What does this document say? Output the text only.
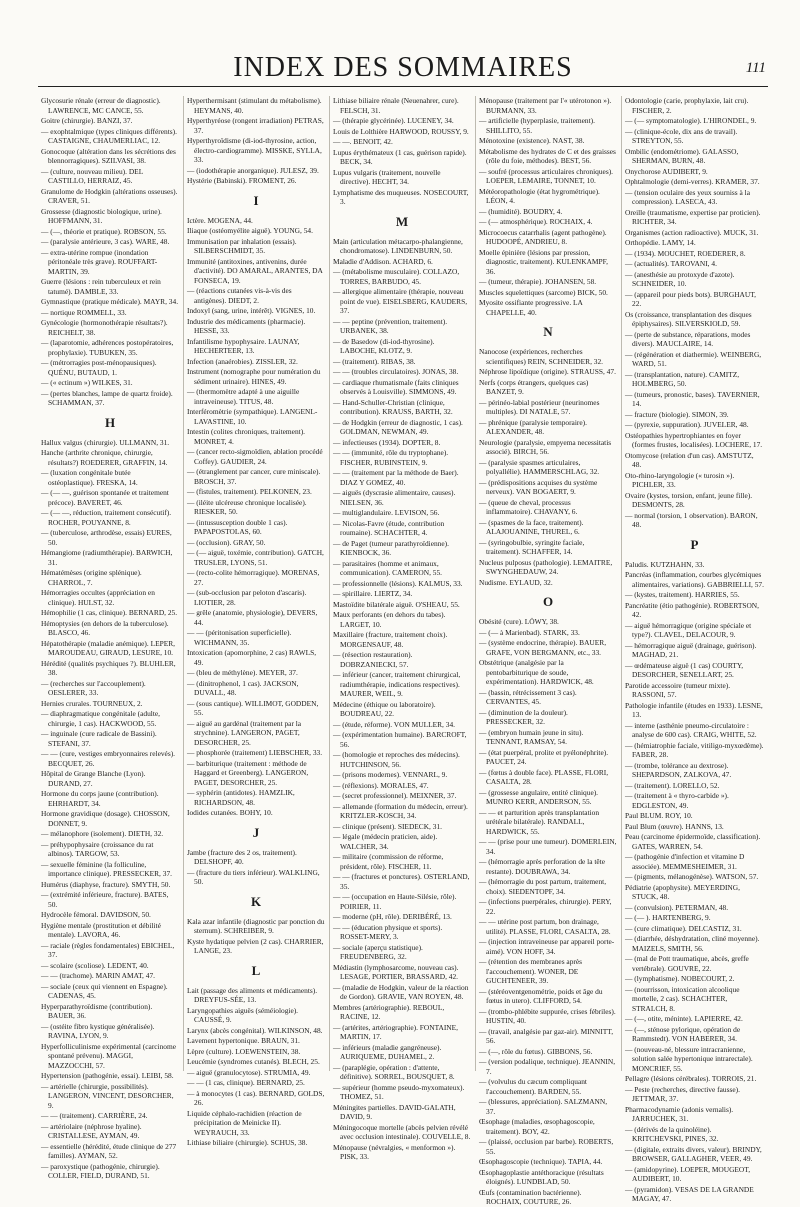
INDEX DES SOMMAIRES	111
Glycosurie rénale (erreur de diagnostic). LAWRENCE, MC CANCE, 55.
Goitre (chirurgie). BANZI, 37.
— exophtalmique (types cliniques différents). CASTAIGNE, CHAUMERLIAC, 12.
Gonocoque (altération dans les sécrétions des blennorragiques). SZILVASI, 38.
— (culture, nouveau milieu). DEL CASTILLO, HERRAIZ, 45.
Granulome de Hodgkin (altérations osseuses). CRAVER, 51.
Grossesse (diagnostic biologique, urine). HOFFMANN, 31.
— (—, théorie et pratique). ROBSON, 55.
— (paralysie antérieure, 3 cas). WARE, 48.
— extra-utérine rompue (inondation péritonéale très grave). ROUFFART-MARTIN, 39.
Guerre (lésions : rein tuberculeux et rein tatumé). DAMBLE, 33.
Gymnastique (pratique médicale). MAYR, 34.
— nortique ROMMELL, 33.
Gynécologie (hormonothérapie résultats?). REICHELT, 38.
— (laparotomie, adhérences postopératoires, prophylaxie). TUBUKEN, 35.
— (métrorragies post-ménopausiques). QUÉNU, BUTAUD, 1.
— (« ectinum ») WILKES, 31.
— (pertes blanches, lampe de quartz froide). SCHAMMAN, 37.
H
Hallux valgus (chirurgie). ULLMANN, 31.
Hanche (arthrite chronique, chirurgie, résultats?) ROEDERER, GRAFFIN, 14.
— (luxation congénitale butée ostéoplastique). FRESKA, 14.
— (— —, guérison spontanée et traitement précoce). BAVERET, 46.
— (— —, réduction, traitement consécutif). ROCHER, POUYANNE, 8.
— (tuberculose, arthrodèse, essais) EURES, 50.
Hémangiome (radiumthérapie). BARWICH, 31.
Hématémèses (origine splénique). CHARROL, 7.
Hémorragies occultes (appréciation en clinique). HULST, 32.
Hémophilie (1 cas, clinique). BERNARD, 25.
Hémoptysies (en dehors de la tuberculose). BLASCO, 46.
Hépatothérapie (maladie anémique). LEPER, MAROUDEAU, GIRAUD, LESURE, 10.
Hérédité (qualités psychiques ?). BLUHLER, 38.
— (recherches sur l'accouplement). OESLERER, 33.
Hernies crurales. TOURNEUX, 2.
— diaphragmatique congénitale (adulte, chirurgie, 1 cas). HACKWOOD, 55.
— inguinale (cure radicale de Bassini). STEFANI, 37.
— — (cure, vestiges embryonnaires relevés). BECQUET, 26.
Hôpital de Grange Blanche (Lyon). DURAND, 27.
Hormone du corps jaune (contribution). EHRHARDT, 34.
Hormone gravidique (dosage). CHOSSON, DONNET, 9.
— mélanophore (isolement). DIETH, 32.
— préhypophysaire (croissance du rat albinos). TARGOW, 53.
— sexuelle féminine (la folliculine, importance clinique). PRESSECKER, 37.
Humérus (diaphyse, fracture). SMYTH, 50.
— (extrémité inférieure, fracture). BATES, 50.
Hydrocèle fémoral. DAVIDSON, 50.
Hygiène mentale (prostitution et débilité mentale). LAVORA, 46.
— raciale (règles fondamentales) EBICHEL, 37.
— scolaire (scoliose). LEDENT, 40.
— — (trachome). MARIN AMAT, 47.
— sociale (ceux qui viennent en Espagne). CADENAS, 45.
Hyperparathyroïdisme (contribution). BAUER, 36.
— (ostéite fibro kystique généralisée). RAVINA, LYON, 9.
Hyperfolliculinisme expérimental (carcinome spontané prévenu). MAGGI, MAZZOCCHI, 57.
Hypertension (pathogénie, essai). LEIBI, 58.
— artérielle (chirurgie, possibilités). LANGERON, VINCENT, DESORCHER, 9.
— — (traitement). CARRIÈRE, 24.
— artériolaire (néphrose hyaline). CRISTALLESE, AYMAN, 49.
— essentielle (hérédité, étude clinique de 277 familles). AYMAN, 52.
— paroxystique (pathogénie, chirurgie). COLLER, FIELD, DURAND, 51.
Hyperthermisant (stimulant du métabolisme). HEYMANS, 40.
Hyperthyréose (rongent irradiation) PETRAS, 37.
Hyperthyroïdisme (di-iod-thyrosine, action, électro-cardiogramme). MISSKE, SYLLA, 33.
— (iodothérapie anorganique). JULESZ, 39.
Hystérie (Babinski). FROMENT, 26.
I
Ictère. MOGENA, 44.
Iliaque (ostéomyélite aiguë). YOUNG, 54.
Immunisation par inhalation (essais). SILBERSCHMIDT, 35.
Immunité (antitoxines, antivenins, durée d'activité). DO AMARAL, ARANTES, DA FONSECA, 19.
— (réactions cutanées vis-à-vis des antigènes). DIEDT, 2.
Indoxyl (sang, urine, intérêt). VIGNES, 10.
Industrie des médicaments (pharmacie). HESSE, 33.
Infantilisme hypophysaire. LAUNAY, HECHERTEER, 13.
Infection (anaérobies). ZISSLER, 32.
Instrument (nomographe pour numération du sédiment urinaire). HINES, 49.
— (thermomètre adapté à une aiguille intraveineuse). TITUS, 48.
Interféromètrie (sympathique). LANGENL-LAVASTINE, 10.
Intestin (colites chroniques, traitement). MONRET, 4.
— (cancer recto-sigmoïdien, ablation procédé Coffey). GAUDIER, 24.
— (étranglement par cancer, cure miniscale). BROSCH, 37.
— (fistules, traitement). PELKONEN, 23.
— (iléite ulcéreuse chronique localisée). RIESKER, 50.
— (intussusception double 1 cas). PAPAPOSTOLAS, 60.
— (occlusion). GRAY, 50.
— (— aiguë, toxémie, contribution). GATCH, TRUSLER, LYONS, 51.
— (recto-colite hémorragique). MORENAS, 27.
— (sub-occlusion par peloton d'ascaris). LIOTIER, 28.
— grêle (anatomie, physiologie), DEVERS, 44.
— — (péritonisation superficielle). WICHMANN, 35.
Intoxication (apomorphine, 2 cas) RAWLS, 49.
— (bleu de méthylène). MEYER, 37.
— (dinitrophenol, 1 cas). JACKSON, DUVALL, 48.
— (sous cantique). WILLIMOT, GODDEN, 55.
— aiguë au gardénal (traitement par la strychnine). LANGERON, PAGET, DESORCHER, 25.
— phosphorée (traitement) LIEBSCHER, 33.
— barbiturique (traitement : méthode de Haggard et Greenberg). LANGERON, PAGET, DESORCHER, 25.
— syphérin (antidotes). HAMZLIK, RICHARDSON, 48.
Iodides cutanées. BOHY, 10.
J
Jambe (fracture des 2 os, traitement). DELSHOPF, 40.
— (fracture du tiers inférieur). WALKLING, 50.
K
Kala azar infantile (diagnostic par ponction du sternum). SCHREIBER, 9.
Kyste hydatique pelvien (2 cas). CHARRIER, LANGE, 23.
L
Lait (passage des aliments et médicaments). DREYFUS-SÉE, 13.
Laryngopathies aiguës (séméiologie). CAUSSÉ, 9.
Larynx (abcès congénital). WILKINSON, 48.
Lavement hypertonique. BRAUN, 31.
Lèpre (culture). LOEWENSTEIN, 38.
Leucémie (syndromes cutanés). BLECH, 25.
— aiguë (granulocytose). STRUMIA, 49.
— — (1 cas, clinique). BERNARD, 25.
— à monocytes (1 cas). BERNARD, GOLDS, 26.
Liquide céphalo-rachidien (réaction de précipitation de Meinicke II). WEYRAUCH, 33.
Lithiase biliaire (chirurgie). SCHUS, 38.
Lithiase biliaire rénale (Neuenahrer, cure). FELSCH, 31.
— (thérapie glycérinée). LUCENEY, 34.
Louis de Lolthière HARWOOD, ROUSSY, 9.
— —. BENOIT, 42.
Lupus érythémateux (1 cas, guérison rapide). BECK, 34.
Lupus vulgaris (traitement, nouvelle directive). HECHT, 34.
Lymphatisme des muqueuses. NOSECOURT, 3.
M
Main (articulation métacarpo-phalangienne, chondromatose). LINDENBURN, 50.
Maladie d'Addison. ACHARD, 6.
— (métabolisme musculaire). COLLAZO, TORRES, BARBUDO, 45.
— allergique alimentaire (thérapie, nouveau point de vue). EISELSBERG, KAUDERS, 37.
— — peptine (prévention, traitement). URBANEK, 38.
— de Basedow (di-iod-thyrosine). LABOCHE, KLOTZ, 9.
— (traitement). RIBAS, 38.
— — (troubles circulatoires). JONAS, 38.
— cardiaque rhumatismale (faits cliniques observés à Louisville). SIMMONS, 49.
— Hand-Schuller-Christian (clinique, contribution). KRAUSS, BARTH, 32.
— de Hodgkin (erreur de diagnostic, 1 cas). GOLDMAN, NEWMAN, 49.
— infectieuses (1934). DOPTER, 8.
— — (immunité, rôle du tryptophane). FISCHER, RUBINSTEIN, 9.
— — (traitement par la méthode de Baer). DIAZ Y GOMEZ, 40.
— aiguës (dyscrasie alimentaire, causes). NIELSEN, 36.
— multiglandulaire. LEVISON, 56.
— Nicolas-Favre (étude, contribution roumaine). SCHACHTER, 4.
— de Paget (tumeur parathyroïdienne). KIENBOCK, 36.
— parasitaires (homme et animaux, communication). CAMERON, 55.
— professionnelle (lésions). KALMUS, 33.
— spirillaire. LIERTZ, 34.
Mastoïdite bilatérale aiguë. O'SHEAU, 55.
Maux perforants (en dehors du tabes). LARGET, 10.
Maxillaire (fracture, traitement choix). MORGENSAUF, 48.
— (résection restauration). DOBRZANIECKI, 57.
— inférieur (cancer, traitement chirurgical, radiumthérapie, indications respectives). MAURER, WEIL, 9.
Médecine (éthique ou laboratoire). BOUDREAU, 22.
— (étude, réforme). VON MULLER, 34.
— (expérimentation humaine). BARCROFT, 56.
— (homologie et reproches des médecins). HUTCHINSON, 56.
— (prisons modernes). VENNARL, 9.
— (réflexions). MORALES, 47.
— (secret professionnel). MEIXNER, 37.
— allemande (formation du médecin, erreur). KRITZLER-KOSCH, 34.
— clinique (présent). SIEDECK, 31.
— légale (médecin praticien, aide). WALCHER, 34.
— militaire (commission de réforme, président, rôle). FISCHER, 11.
— — (fractures et ponctures). OSTERLAND, 35.
— — (occupation en Haute-Silésie, rôle). POIRIER, 11.
— moderne (pH, rôle). DERIBÉRÉ, 13.
— — (éducation physique et sports). ROSSET-MERY, 3.
— sociale (aperçu statistique). FREUDENBERG, 32.
Médiastin (lymphosarcome, nouveau cas). LESAGE, PORTIER, BRASSARD, 42.
— (maladie de Hodgkin, valeur de la réaction de Gordon). GRAVIE, VAN ROYEN, 48.
Membres (artériographie). REBOUL, RACINE, 12.
— (artérites, artériographie). FONTAINE, MARTIN, 17.
— inférieurs (maladie gangréneuse). AURIQUEME, DUHAMEL, 2.
— (paraplégie, opération : d'attente, définitive). SORREL, BOUSQUET, 8.
— supérieur (homme pseudo-myxomateux). THOMEZ, 51.
Méningites partielles. DAVID-GALATH, DAVID, 9.
Méningocoque mortelle (abcès pelvien révélé avec occlusion intestinale). COUVELLE, 8.
Ménopause (névralgies, « menformon »). PISK, 33.
Ménopause (traitement par l'« utérotonon »). BURMANN, 33.
— artificielle (hyperplasie, traitement). SHILLITO, 55.
Ménotoxine (existence). NAST, 38.
Métabolisme des hydrates de C et des graisses (rôle du foie, méthodes). BEST, 56.
— soufré (processus articulaires chroniques). LOEPER, LEMAIRE, TONNET, 10.
Météoropathologie (état hygrométrique). LÉON, 4.
— (humidité). BOUDRY, 4.
— (— atmosphérique). ROCHAIX, 4.
Microcoecus catarrhalis (agent pathogène). HUDOOPÉ, ANDRIEU, 8.
Moelle épinière (lésions par pression, diagnostic, traitement). KULENKAMPF, 36.
— (tumeur, thérapie). JOHANSEN, 58.
Muscles squelettiques (sarcome) BICK, 50.
Myosite ossifiante progressive. LA CHAPELLE, 40.
N
Nanocose (expériences, recherches scientifiques) REIN, SCHNEIDER, 32.
Néphrose lipoïdique (origine). STRAUSS, 47.
Nerfs (corps étrangers, quelques cas) BANZET, 9.
— périnéo-labial postérieur (neurinomes multiples). DI NATALE, 57.
— phrénique (paralysie temporaire). ALEXANDER, 48.
Neurologie (paralysie, empyema necessitatis associé). BIRCH, 56.
— (paralysie spasmes articulaires, polyallélie). HAMMERSCHLAG, 32.
— (prédispositions acquises du système nerveux). VAN BOGAERT, 9.
— (queue de cheval, processus inflammatoire). CHAVANY, 6.
— (spasmes de la face, traitement). ALAJOUANINE, THUREL, 6.
— (syringobulbie, syringite faciale, traitement). SCHAFFER, 14.
Nucleus pulposus (pathologie). LEMAITRE, SWYNGHEDAUW, 24.
Nudisme. EYLAUD, 32.
O
Obésité (cure). LÖWY, 38.
— (— à Marienbad). STARK, 33.
— (système endocrine, thérapie). BAUER, GRAFE, VON BERGMANN, etc., 33.
Obstétrique (analgésie par la pentobarbiturique de soude, expérimentation). HARDWICK, 48.
— (bassin, rétrécissement 3 cas). CERVANTES, 45.
— (diminution de la douleur). PRESSECKER, 32.
— (embryon humain jeune in situ). TENNANT, RAMSAY, 54.
— (état puerpéral, prolite et pyélonéphrite). PAUCET, 24.
— (fœtus à double face). PLASSE, FLORI, CASALTA, 28.
— (grossesse angulaire, entité clinique). MUNRO KERR, ANDERSON, 55.
— — et parturition après transplantation urétérale bilatérale). RANDALL, HARDWICK, 55.
— — (prise pour une tumeur). DOMERLEIN, 34.
— (hémorragie après perforation de la tête restante). DOUBRAWA, 34.
— (hémorragie du post partum, traitement, choix). SIEDENTOPF, 34.
— (infections puerpérales, chirurgie). PERY, 22.
— — utérine post partum, bon drainage, utilité). PLASSE, FLORI, CASALTA, 28.
— (injection intraveineuse par appareil porte-aimé). VON HOFF, 34.
— (rétention des membranes après l'accouchement). WONER, DE GUCHTENEER, 39.
— (stéréoventgenométrie, poids et âge du fœtus in utero). CLIFFORD, 54.
— (trombo-phlébite suppurée, crises fébriles). HUSTIN, 40.
— (travail, analgésie par gaz-air). MINNITT, 56.
— (—, rôle du fœtus). GIBBONS, 56.
— (version podalique, technique). JEANNIN, 7.
— (volvulus du cæcum compliquant l'accouchement). BARDEN, 55.
— (blessures, appréciation). SALZMANN, 37.
Œsophage (maladies, œsophagoscopie, traitement). BOY, 42.
— (plaissé, occlusion par barbe). ROBERTS, 55.
Œsophagoscopie (technique). TAPIA, 44.
Œsophagoplastie antéthoracique (résultats éloignés). LUNDBLAD, 50.
Œufs (contamination bactérienne). ROCHAIX, COUTURE, 26.
Odontologie (carie, prophylaxie, lait cru). FISCHER, 2.
— (— symptomatologie). L'HIRONDEL, 9.
— (clinique-école, dix ans de travail). STREYTON, 55.
Ombilic (endométriome). GALASSO, SHERMAN, BURN, 48.
Onychorose AUDIBERT, 9.
Ophtalmologie (demi-verres). KRAMER, 37.
— (tension oculaire des yeux sourniss à la compression). LASECA, 43.
Oreille (traumatisme, expertise par proticien). RICHTER, 34.
Organismes (action radioactive). MUCK, 31.
Orthopédie. LAMY, 14.
— (1934). MOUCHET, ROEDERER, 8.
— (actualités). TAROVANI, 4.
— (anesthésie au protoxyde d'azote). SCHNEIDER, 10.
— (appareil pour pieds bots). BURGHAUT, 22.
Os (croissance, transplantation des disques épiphysaires). SILVERSKIOLD, 59.
— (perte de substance, réparations, modes divers). MAUCLAIRE, 14.
— (régénération et diathermie). WEINBERG, WARD, 51.
— (transplantation, nature). CAMITZ, HOLMBERG, 50.
— (tumeurs, pronostic, bases). TAVERNIER, 14.
— fracture (biologie). SIMON, 39.
— (pyrexie, suppuration). JUVELER, 48.
Ostéopathies hypertrophiantes en foyer (formes frustes, localisées). LOCHERE, 17.
Otomycose (relation d'un cas). AMSTUTZ, 48.
Oto-rhino-laryngologie (« turosin »). PICHLER, 33.
Ovaire (kystes, torsion, enfant, jeune fille). DESMONTS, 28.
— normal (torsion, 1 observation). BARON, 48.
P
Paludis. KUTZHAHN, 33.
Pancréas (inflammation, courbes glycémiques alimentaires, variations). GABBRIELLI, 57.
— (kystes, traitement). HARRIES, 55.
Pancréatite (étio pathogénie). ROBERTSON, 42.
— aiguë hémorragique (origine spéciale et type?). CLAVEL, DELACOUR, 9.
— hémorragique aiguë (drainage, guérison). MAGHAD, 21.
— œdémateuse aiguë (1 cas) COURTY, DESORCHER, SENELLART, 25.
Parotide accessoire (tumeur mixte). RASSONI, 57.
Pathologie infantile (études en 1933). LESNE, 13.
— interne (asthénie pneumo-circulatoire : analyse de 600 cas). CRAIG, WHITE, 52.
— (hémiatrophie faciale, vitiligo-myxœdème). FABER, 28.
— (trombe, tolérance au dextrose). SHEPARDSON, ZALKOVA, 47.
— (traitement). LORELLO, 52.
— (traitement à « thyro-carbide »). EDGLESTON, 49.
Paul BLUM. ROY, 10.
Paul Blum (œuvre). HANNS, 13.
Peau (carcinome épidermoïde, classification). GATES, WARREN, 54.
— (pathogénie d'infection et vitamine D associée). MEMMESHEIMER, 31.
— (pigments, mélanogénèse). WATSON, 57.
Pédiatrie (apophysite). MEYERDING, STUCK, 48.
— (convulsion). PETERMAN, 48.
— (— ). HARTENBERG, 9.
— (cure climatique). DELCASTIZ, 31.
— (diarrhée, déshydratation, cliné moyenne). MAIZELS, SMITH, 56.
— (mal de Pott traumatique, abcès, greffe vertébrale). GOUVRE, 22.
— (lymphatisme). NOBECOURT, 2.
— (nourrisson, intoxication alcoolique mortelle, 2 cas). SCHACHTER, STRALCH, 8.
— (—, otite, méninte). LAPIERRE, 42.
— (—, sténose pylorique, opération de Rammstedt). VON HABERER, 34.
— (nouveau-né, blessure intracranienne, solution salée hypertonique intrarectale). MONCRIEF, 55.
Pellagre (lésions cérébrales). TORROIS, 21.
— Peste (recherches, directive fausse). JETTMAR, 37.
Pharmacodynamie (adonis vernalis). JARRUCHEK, 31.
— (dérivés de la quinoléine). KRITCHEVSKI, PINES, 32.
— (digitale, extraits divers, valeur). BRINDY, BROWSER, GALLAGHER, VEER, 49.
— (amidopyrine). LOEPER, MOUGEOT, AUDIBERT, 10.
— (pyramidon). VESAS DE LA GRANDE MAGAY, 47.
